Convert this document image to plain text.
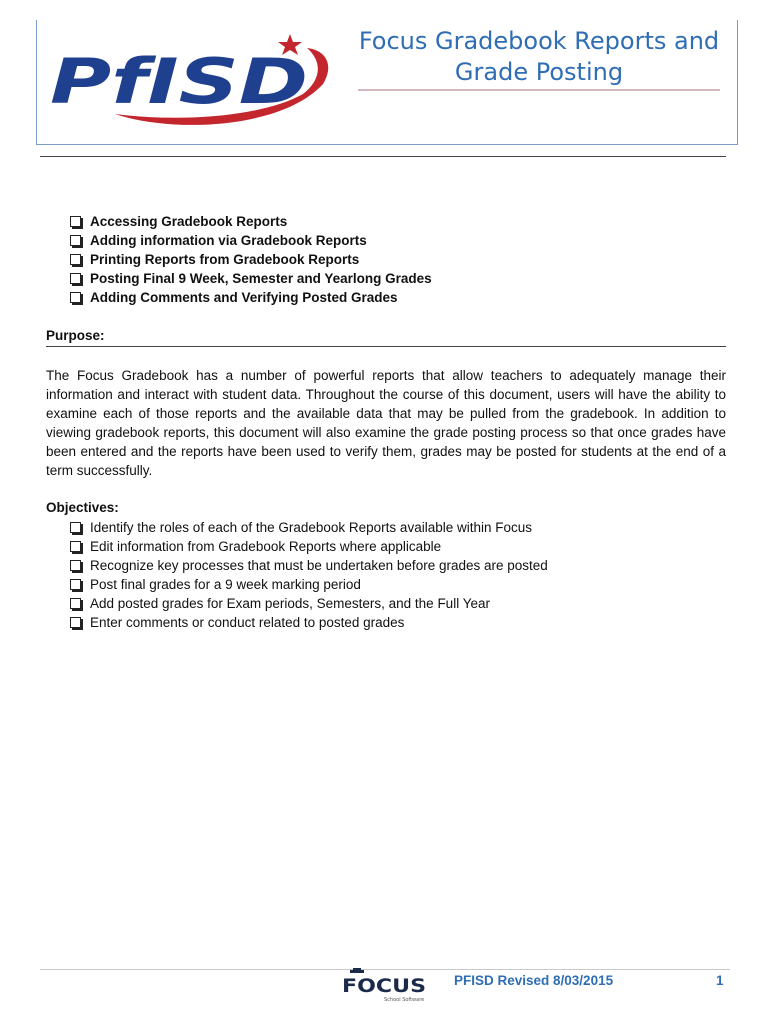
PfISD
Focus Gradebook Reports and Grade Posting
Accessing Gradebook Reports
Adding information via Gradebook Reports
Printing Reports from Gradebook Reports
Posting Final 9 Week, Semester and Yearlong Grades
Adding Comments and Verifying Posted Grades
Purpose:

The Focus Gradebook has a number of powerful reports that allow teachers to adequately manage their information and interact with student data. Throughout the course of this document, users will have the ability to examine each of those reports and the available data that may be pulled from the gradebook. In addition to viewing gradebook reports, this document will also examine the grade posting process so that once grades have been entered and the reports have been used to verify them, grades may be posted for students at the end of a term successfully.

Objectives:
Identify the roles of each of the Gradebook Reports available within Focus
Edit information from Gradebook Reports where applicable
Recognize key processes that must be undertaken before grades are posted
Post final grades for a 9 week marking period
Add posted grades for Exam periods, Semesters, and the Full Year
Enter comments or conduct related to posted grades
FOCUS
School Software
PFISD Revised 8/03/2015	1
